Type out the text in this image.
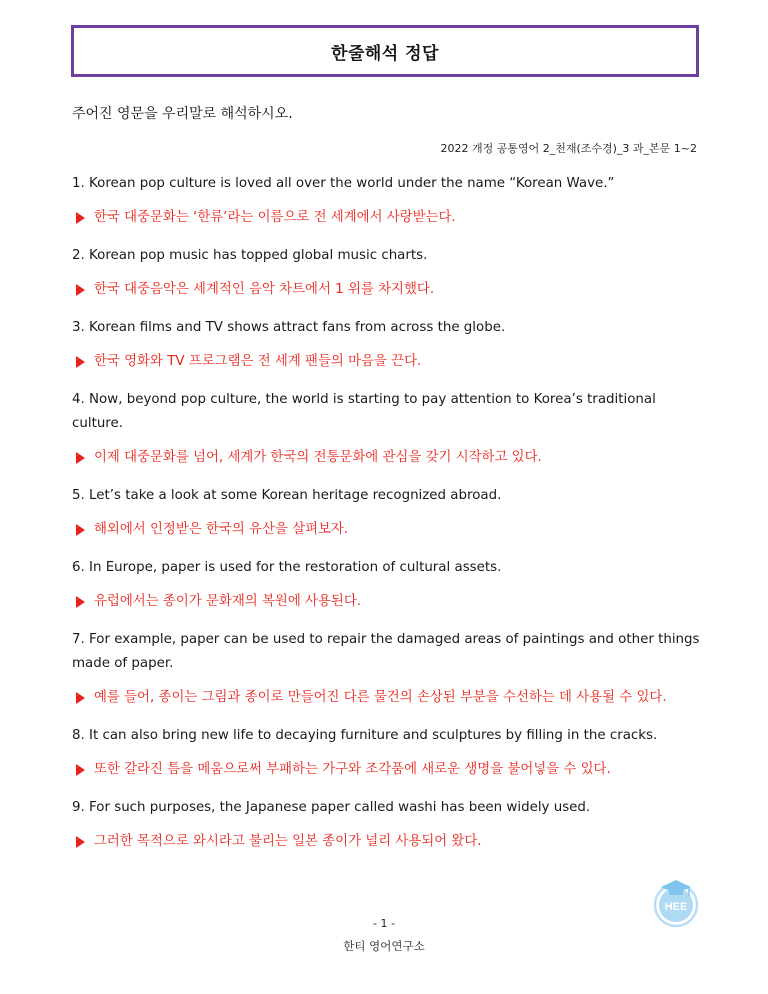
한줄해석 정답
주어진 영문을 우리말로 해석하시오.
2022 개정 공통영어 2_천재(조수경)_3 과_본문 1~2

1. Korean pop culture is loved all over the world under the name “Korean Wave.”

한국 대중문화는 ‘한류’라는 이름으로 전 세계에서 사랑받는다.

2. Korean pop music has topped global music charts.

한국 대중음악은 세계적인 음악 차트에서 1 위를 차지했다.

3. Korean films and TV shows attract fans from across the globe.

한국 영화와 TV 프로그램은 전 세계 팬들의 마음을 끈다.

4. Now, beyond pop culture, the world is starting to pay attention to Korea’s traditional culture.

이제 대중문화를 넘어, 세계가 한국의 전통문화에 관심을 갖기 시작하고 있다.

5. Let’s take a look at some Korean heritage recognized abroad.

해외에서 인정받은 한국의 유산을 살펴보자.

6. In Europe, paper is used for the restoration of cultural assets.

유럽에서는 종이가 문화재의 복원에 사용된다.

7. For example, paper can be used to repair the damaged areas of paintings and other things made of paper.

예를 들어, 종이는 그림과 종이로 만들어진 다른 물건의 손상된 부분을 수선하는 데 사용될 수 있다.

8. It can also bring new life to decaying furniture and sculptures by filling in the cracks.

또한 갈라진 틈을 메움으로써 부패하는 가구와 조각품에 새로운 생명을 불어넣을 수 있다.

9. For such purposes, the Japanese paper called washi has been widely used.

그러한 목적으로 와시라고 불리는 일본 종이가 널리 사용되어 왔다.

HEE
- 1 -
한티 영어연구소
